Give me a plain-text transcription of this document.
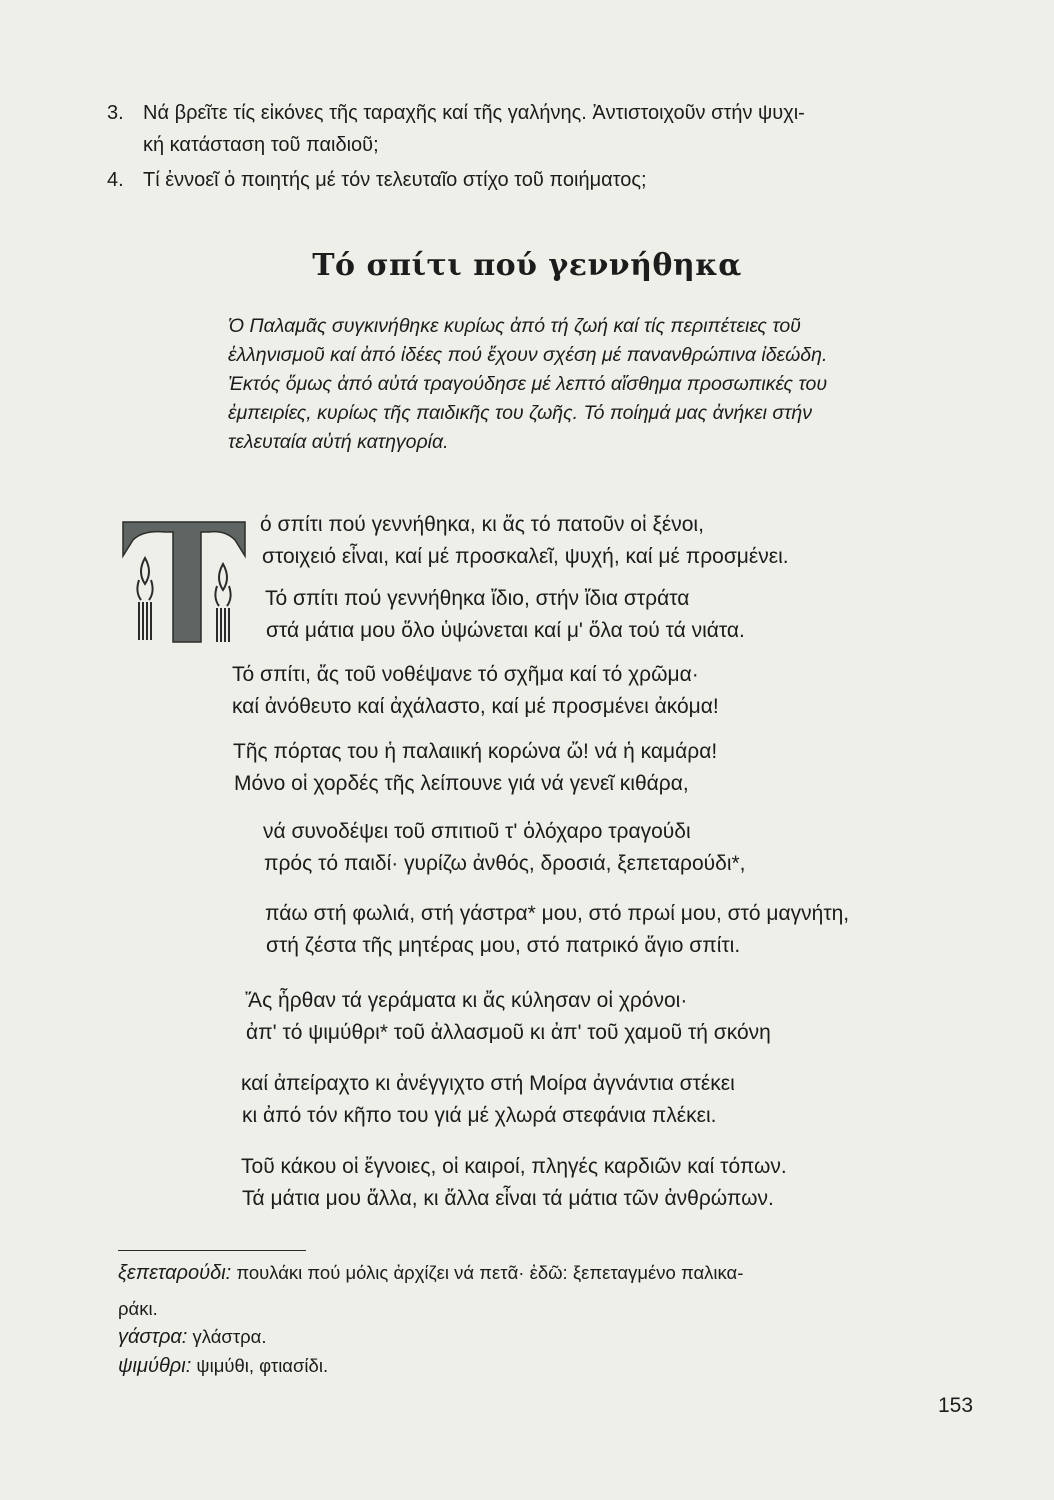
3. Νά βρεῖτε τίς εἰκόνες τῆς ταραχῆς καί τῆς γαλήνης. Ἀντιστοιχοῦν στήν ψυχι-
κή κατάσταση τοῦ παιδιοῦ;
4. Τί ἐννοεῖ ὁ ποιητής μέ τόν τελευταῖο στίχο τοῦ ποιήματος;
Τό σπίτι πού γεννήθηκα
Ὁ Παλαμᾶς συγκινήθηκε κυρίως ἀπό τή ζωή καί τίς περιπέτειες τοῦ
ἑλληνισμοῦ καί ἀπό ἰδέες πού ἔχουν σχέση μέ πανανθρώπινα ἰδεώδη.
Ἐκτός ὅμως ἀπό αὐτά τραγούδησε μέ λεπτό αἴσθημα προσωπικές του
ἐμπειρίες, κυρίως τῆς παιδικῆς του ζωῆς. Τό ποίημά μας ἀνήκει στήν
τελευταία αὐτή κατηγορία.
ό σπίτι πού γεννήθηκα, κι ἄς τό πατοῦν οἱ ξένοι,
στοιχειό εἶναι, καί μέ προσκαλεῖ, ψυχή, καί μέ προσμένει.
Τό σπίτι πού γεννήθηκα ἴδιο, στήν ἴδια στράτα
στά μάτια μου ὅλο ὑψώνεται καί μ' ὅλα τού τά νιάτα.
Τό σπίτι, ἄς τοῦ νοθέψανε τό σχῆμα καί τό χρῶμα·
καί ἀνόθευτο καί ἀχάλαστο, καί μέ προσμένει ἀκόμα!
Τῆς πόρτας του ἡ παλαιική κορώνα ὤ! νά ἡ καμάρα!
Μόνο οἱ χορδές τῆς λείπουνε γιά νά γενεῖ κιθάρα,
νά συνοδέψει τοῦ σπιτιοῦ τ' ὁλόχαρο τραγούδι
πρός τό παιδί· γυρίζω ἀνθός, δροσιά, ξεπεταρούδι*,
πάω στή φωλιά, στή γάστρα* μου, στό πρωί μου, στό μαγνήτη,
στή ζέστα τῆς μητέρας μου, στό πατρικό ἅγιο σπίτι.
Ἄς ἦρθαν τά γεράματα κι ἄς κύλησαν οἱ χρόνοι·
ἀπ' τό ψιμύθρι* τοῦ ἀλλασμοῦ κι ἀπ' τοῦ χαμοῦ τή σκόνη
καί ἀπείραχτο κι ἀνέγγιχτο στή Μοίρα ἀγνάντια στέκει
κι ἀπό τόν κῆπο του γιά μέ χλωρά στεφάνια πλέκει.
Τοῦ κάκου οἱ ἔγνοιες, οἱ καιροί, πληγές καρδιῶν καί τόπων.
Τά μάτια μου ἄλλα, κι ἄλλα εἶναι τά μάτια τῶν ἀνθρώπων.
ξεπεταρούδι: πουλάκι πού μόλις ἀρχίζει νά πετᾶ· ἐδῶ: ξεπεταγμένο παλικα-
ράκι.
γάστρα: γλάστρα.
ψιμύθρι: ψιμύθι, φτιασίδι.
153
